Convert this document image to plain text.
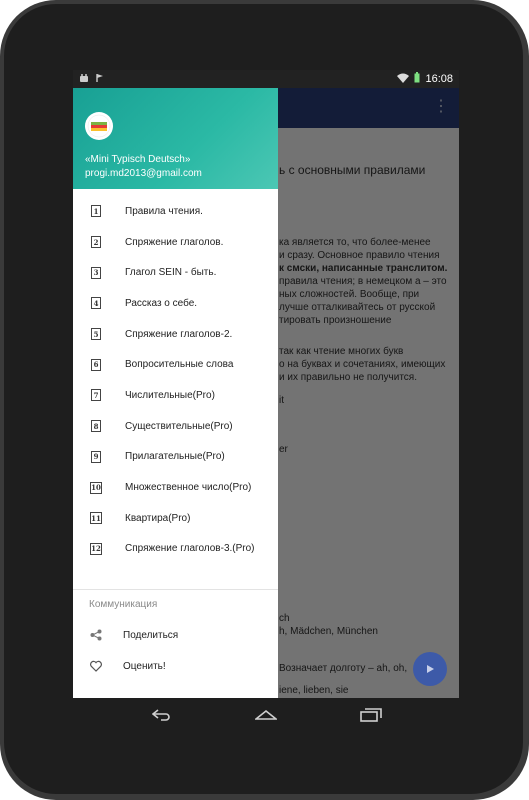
16:08

«Mini Typisch Deutsch»
progi.md2013@gmail.com
1	Правила чтения.
2	Спряжение глаголов.
3	Глагол SEIN - быть.
4	Рассказ о себе.
5	Спряжение глаголов-2.
6	Вопросительные слова
7	Числительные(Pro)
8	Существительные(Pro)
9	Прилагательные(Pro)
10 Множественное число(Pro)
11 Квартира(Pro)
12 Спряжение глаголов-3.(Pro)
Коммуникация
Поделиться
Оценить!
